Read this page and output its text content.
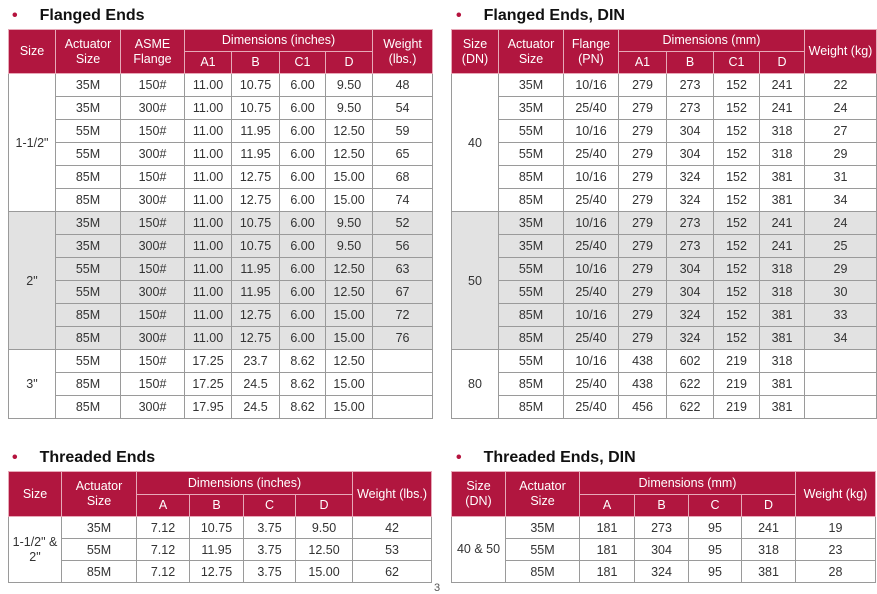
• Flanged Ends
Size	Actuator Size	ASME Flange	Dimensions (inches)				Weight (lbs.)
			A1	B	C1	D	
1-1/2"	35M	150#	11.00	10.75	6.00	9.50	48
	35M	300#	11.00	10.75	6.00	9.50	54
	55M	150#	11.00	11.95	6.00	12.50	59
	55M	300#	11.00	11.95	6.00	12.50	65
	85M	150#	11.00	12.75	6.00	15.00	68
	85M	300#	11.00	12.75	6.00	15.00	74
2"	35M	150#	11.00	10.75	6.00	9.50	52
	35M	300#	11.00	10.75	6.00	9.50	56
	55M	150#	11.00	11.95	6.00	12.50	63
	55M	300#	11.00	11.95	6.00	12.50	67
	85M	150#	11.00	12.75	6.00	15.00	72
	85M	300#	11.00	12.75	6.00	15.00	76
3"	55M	150#	17.25	23.7	8.62	12.50	
	85M	150#	17.25	24.5	8.62	15.00	
	85M	300#	17.95	24.5	8.62	15.00	
• Flanged Ends, DIN
Size (DN)	Actuator Size	Flange (PN)	Dimensions (mm)				Weight (kg)
			A1	B	C1	D	
40	35M	10/16	279	273	152	241	22
	35M	25/40	279	273	152	241	24
	55M	10/16	279	304	152	318	27
	55M	25/40	279	304	152	318	29
	85M	10/16	279	324	152	381	31
	85M	25/40	279	324	152	381	34
50	35M	10/16	279	273	152	241	24
	35M	25/40	279	273	152	241	25
	55M	10/16	279	304	152	318	29
	55M	25/40	279	304	152	318	30
	85M	10/16	279	324	152	381	33
	85M	25/40	279	324	152	381	34
80	55M	10/16	438	602	219	318	
	85M	25/40	438	622	219	381	
	85M	25/40	456	622	219	381	
• Threaded Ends
Size	Actuator Size	Dimensions (inches)				Weight (lbs.)
		A	B	C	D	
1-1/2" & 2"	35M	7.12	10.75	3.75	9.50	42
	55M	7.12	11.95	3.75	12.50	53
	85M	7.12	12.75	3.75	15.00	62
• Threaded Ends, DIN
Size (DN)	Actuator Size	Dimensions (mm)				Weight (kg)
		A	B	C	D	
40 & 50	35M	181	273	95	241	19
	55M	181	304	95	318	23
	85M	181	324	95	381	28
3
